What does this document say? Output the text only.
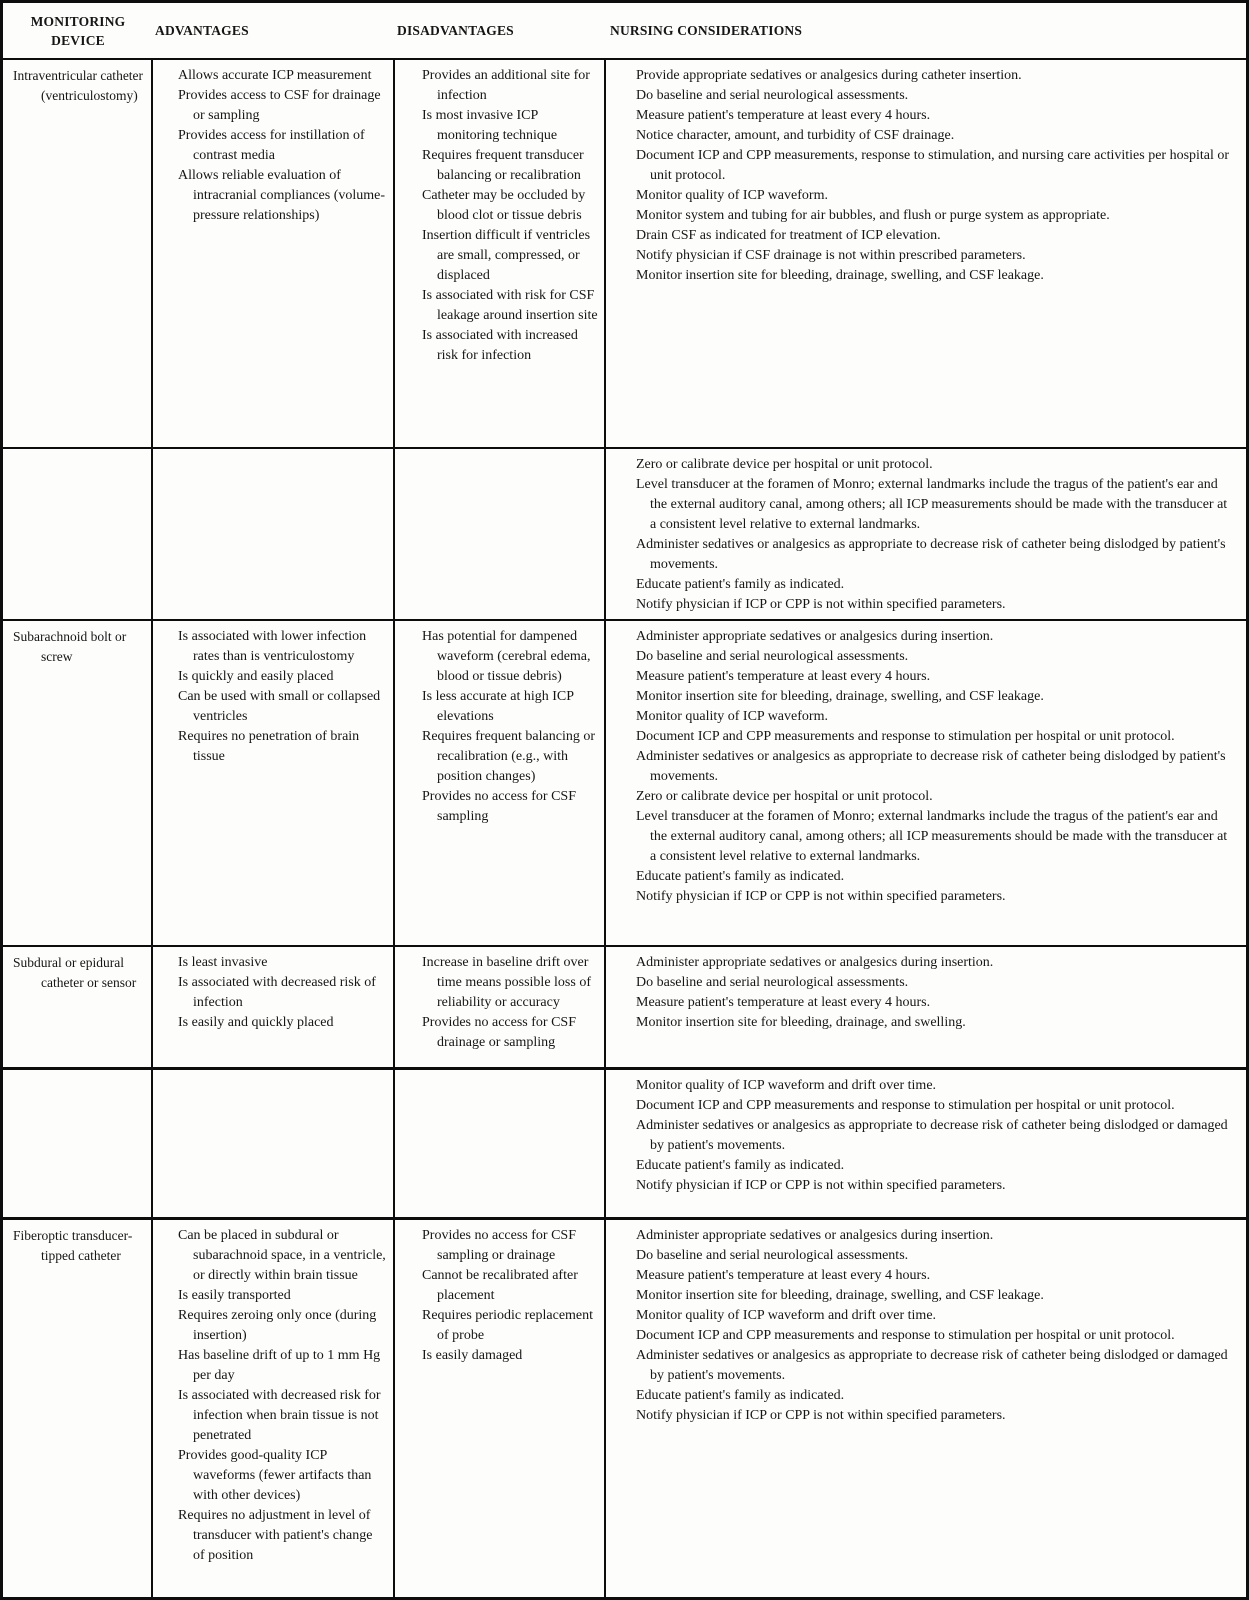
MONITORING DEVICE
ADVANTAGES	DISADVANTAGES	NURSING CONSIDERATIONS
Intraventricular catheter (ventriculostomy)
Allows accurate ICP measurement
Provides access to CSF for drainage or sampling
Provides access for instillation of contrast media
Allows reliable evaluation of intracranial compliances (volume-pressure relationships)
Provides an additional site for infection
Is most invasive ICP monitoring technique
Requires frequent transducer balancing or recalibration
Catheter may be occluded by blood clot or tissue debris
Insertion difficult if ventricles are small, compressed, or displaced
Is associated with risk for CSF leakage around insertion site
Is associated with increased risk for infection
Provide appropriate sedatives or analgesics during catheter insertion.
Do baseline and serial neurological assessments.
Measure patient's temperature at least every 4 hours.
Notice character, amount, and turbidity of CSF drainage.
Document ICP and CPP measurements, response to stimulation, and nursing care activities per hospital or unit protocol.
Monitor quality of ICP waveform.
Monitor system and tubing for air bubbles, and flush or purge system as appropriate.
Drain CSF as indicated for treatment of ICP elevation.
Notify physician if CSF drainage is not within prescribed parameters.
Monitor insertion site for bleeding, drainage, swelling, and CSF leakage.
Zero or calibrate device per hospital or unit protocol.
Level transducer at the foramen of Monro; external landmarks include the tragus of the patient's ear and the external auditory canal, among others; all ICP measurements should be made with the transducer at a consistent level relative to external landmarks.
Administer sedatives or analgesics as appropriate to decrease risk of catheter being dislodged by patient's movements.
Educate patient's family as indicated.
Notify physician if ICP or CPP is not within specified parameters.
Subarachnoid bolt or screw
Is associated with lower infection rates than is ventriculostomy
Is quickly and easily placed
Can be used with small or collapsed ventricles
Requires no penetration of brain tissue
Has potential for dampened waveform (cerebral edema, blood or tissue debris)
Is less accurate at high ICP elevations
Requires frequent balancing or recalibration (e.g., with position changes)
Provides no access for CSF sampling
Administer appropriate sedatives or analgesics during insertion.
Do baseline and serial neurological assessments.
Measure patient's temperature at least every 4 hours.
Monitor insertion site for bleeding, drainage, swelling, and CSF leakage.
Monitor quality of ICP waveform.
Document ICP and CPP measurements and response to stimulation per hospital or unit protocol.
Administer sedatives or analgesics as appropriate to decrease risk of catheter being dislodged by patient's movements.
Zero or calibrate device per hospital or unit protocol.
Level transducer at the foramen of Monro; external landmarks include the tragus of the patient's ear and the external auditory canal, among others; all ICP measurements should be made with the transducer at a consistent level relative to external landmarks.
Educate patient's family as indicated.
Notify physician if ICP or CPP is not within specified parameters.
Subdural or epidural catheter or sensor
Is least invasive
Is associated with decreased risk of infection
Is easily and quickly placed
Increase in baseline drift over time means possible loss of reliability or accuracy
Provides no access for CSF drainage or sampling
Administer appropriate sedatives or analgesics during insertion.
Do baseline and serial neurological assessments.
Measure patient's temperature at least every 4 hours.
Monitor insertion site for bleeding, drainage, and swelling.
Monitor quality of ICP waveform and drift over time.
Document ICP and CPP measurements and response to stimulation per hospital or unit protocol.
Administer sedatives or analgesics as appropriate to decrease risk of catheter being dislodged or damaged by patient's movements.
Educate patient's family as indicated.
Notify physician if ICP or CPP is not within specified parameters.
Fiberoptic transducer-tipped catheter
Can be placed in subdural or subarachnoid space, in a ventricle, or directly within brain tissue
Is easily transported
Requires zeroing only once (during insertion)
Has baseline drift of up to 1 mm Hg per day
Is associated with decreased risk for infection when brain tissue is not penetrated
Provides good-quality ICP waveforms (fewer artifacts than with other devices)
Requires no adjustment in level of transducer with patient's change of position
Provides no access for CSF sampling or drainage
Cannot be recalibrated after placement
Requires periodic replacement of probe
Is easily damaged
Administer appropriate sedatives or analgesics during insertion.
Do baseline and serial neurological assessments.
Measure patient's temperature at least every 4 hours.
Monitor insertion site for bleeding, drainage, swelling, and CSF leakage.
Monitor quality of ICP waveform and drift over time.
Document ICP and CPP measurements and response to stimulation per hospital or unit protocol.
Administer sedatives or analgesics as appropriate to decrease risk of catheter being dislodged or damaged by patient's movements.
Educate patient's family as indicated.
Notify physician if ICP or CPP is not within specified parameters.
